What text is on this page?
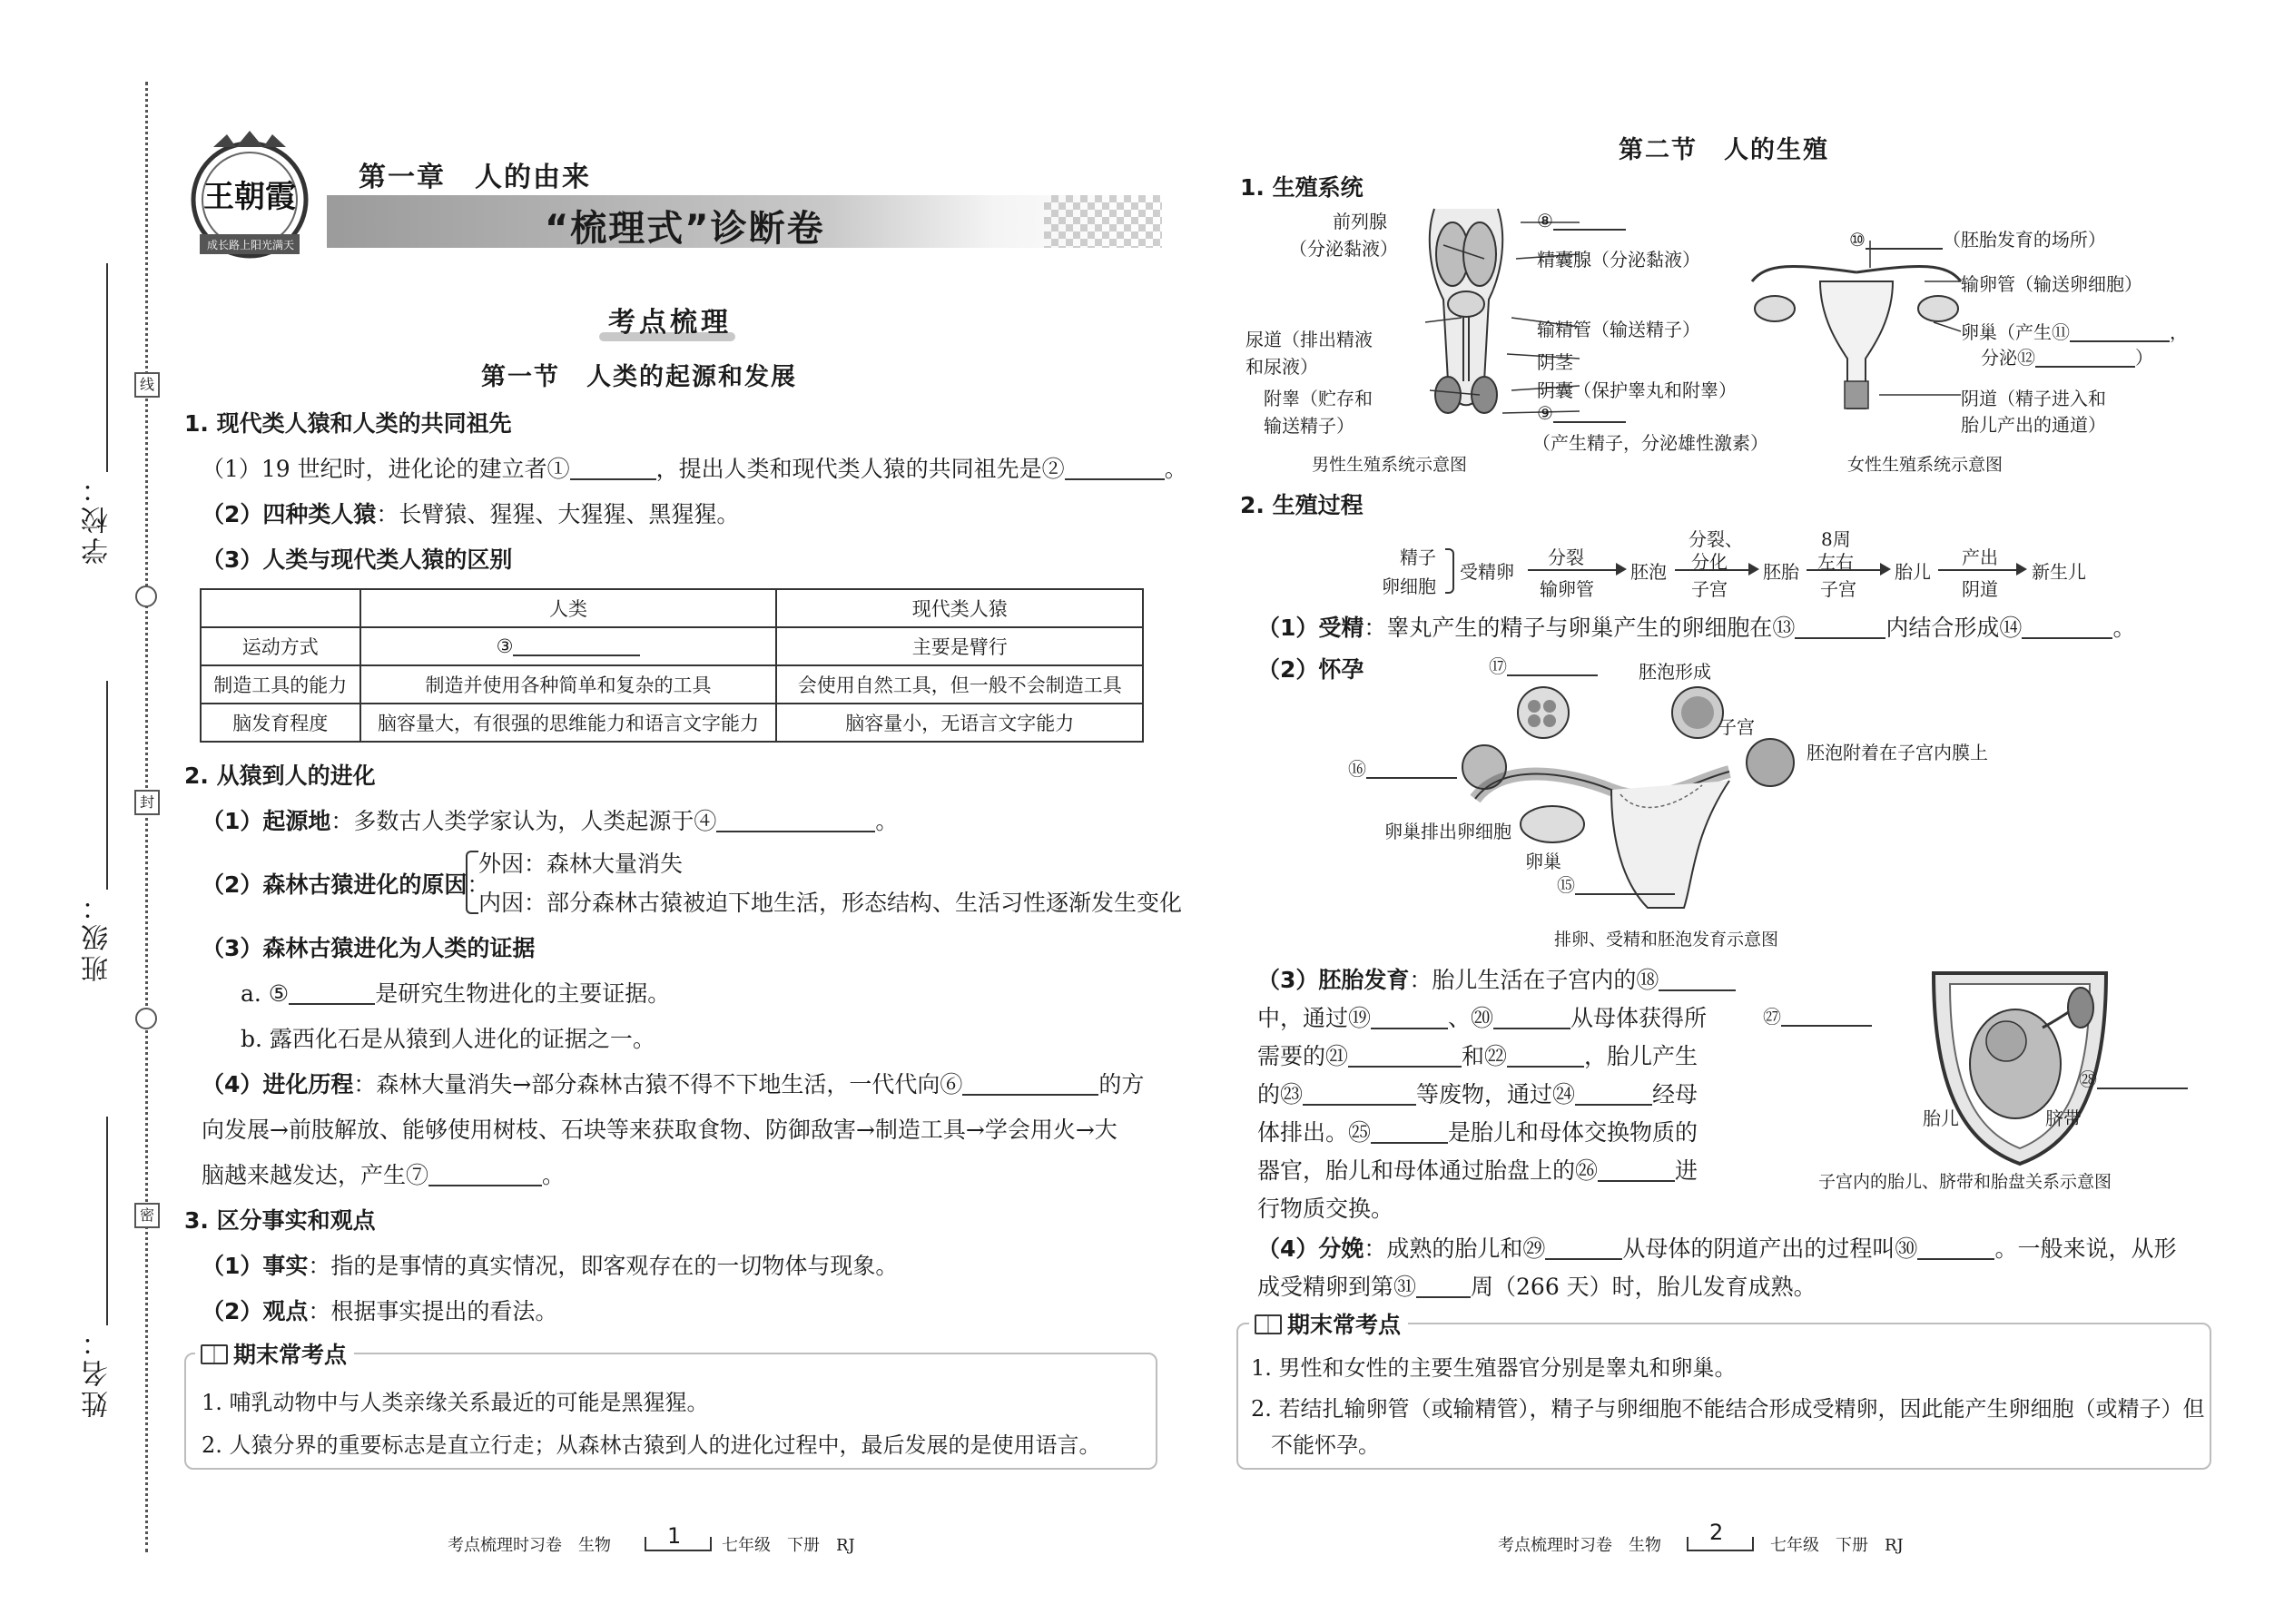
线
封
密
学校：
班级：
姓名：
王朝霞
成长路上 阳光满天
第一章　人的由来
“梳理式”诊断卷
考点梳理
第一节　人类的起源和发展
1. 现代类人猿和人类的共同祖先
（1）19 世纪时，进化论的建立者①	，提出人类和现代类人猿的共同祖先是②	。
（2）四种类人猿：长臂猿、猩猩、大猩猩、黑猩猩。
（3）人类与现代类人猿的区别
	人类	现代类人猿
运动方式	③	主要是臂行
制造工具的能力	制造并使用各种简单和复杂的工具	会使用自然工具，但一般不会制造工具
脑发育程度	脑容量大，有很强的思维能力和语言文字能力	脑容量小，无语言文字能力
2. 从猿到人的进化
（1）起源地：多数古人类学家认为，人类起源于④	。
（2）森林古猿进化的原因：
外因：森林大量消失
内因：部分森林古猿被迫下地生活，形态结构、生活习性逐渐发生变化
（3）森林古猿进化为人类的证据
a. ⑤	是研究生物进化的主要证据。
b. 露西化石是从猿到人进化的证据之一。
（4）进化历程：森林大量消失→部分森林古猿不得不下地生活，一代代向⑥	的方
向发展→前肢解放、能够使用树枝、石块等来获取食物、防御敌害→制造工具→学会用火→大
脑越来越发达，产生⑦	。
3. 区分事实和观点
（1）事实：指的是事情的真实情况，即客观存在的一切物体与现象。
（2）观点：根据事实提出的看法。
期末常考点
1. 哺乳动物中与人类亲缘关系最近的可能是黑猩猩。
2. 人猿分界的重要标志是直立行走；从森林古猿到人的进化过程中，最后发展的是使用语言。
考点梳理时习卷　生物	1 七年级　下册　RJ
第二节　人的生殖
1. 生殖系统
前列腺
（分泌黏液）
尿道（排出精液
和尿液）
附睾（贮存和
输送精子）
⑧
精囊腺（分泌黏液）
输精管（输送精子）
阴茎
阴囊（保护睾丸和附睾）
⑨
（产生精子，分泌雄性激素）
男性生殖系统示意图
⑩	（胚胎发育的场所）
输卵管（输送卵细胞）
卵巢（产生⑪	，
分泌⑫	）
阴道（精子进入和
胎儿产出的通道）
女性生殖系统示意图
2. 生殖过程
精子
卵细胞
受精卵
分裂
输卵管
胚泡
分裂、
分化
子宫
胚胎
8周
左右
子宫
胎儿
产出
阴道
新生儿
（1）受精：睾丸产生的精子与卵巢产生的卵细胞在⑬	内结合形成⑭	。
（2）怀孕	⑰	胚泡形成
子宫
胚泡附着在子宫内膜上
⑯
卵巢排出卵细胞
卵巢
⑮
排卵、受精和胚泡发育示意图
（3）胚胎发育：胎儿生活在子宫内的⑱
中，通过⑲	、⑳	从母体获得所
需要的㉑	和㉒	，胎儿产生
的㉓	等废物，通过㉔	经母
体排出。㉕	是胎儿和母体交换物质的
器官，胎儿和母体通过胎盘上的㉖	进
行物质交换。
㉗
㉘
胎儿	脐带
子宫内的胎儿、脐带和胎盘关系示意图
（4）分娩：成熟的胎儿和㉙	从母体的阴道产出的过程叫㉚	。一般来说，从形
成受精卵到第㉛ 周（266 天）时，胎儿发育成熟。
期末常考点
1. 男性和女性的主要生殖器官分别是睾丸和卵巢。
2. 若结扎输卵管（或输精管），精子与卵细胞不能结合形成受精卵，因此能产生卵细胞（或精子）但
不能怀孕。
考点梳理时习卷　生物
2
七年级　下册　RJ
